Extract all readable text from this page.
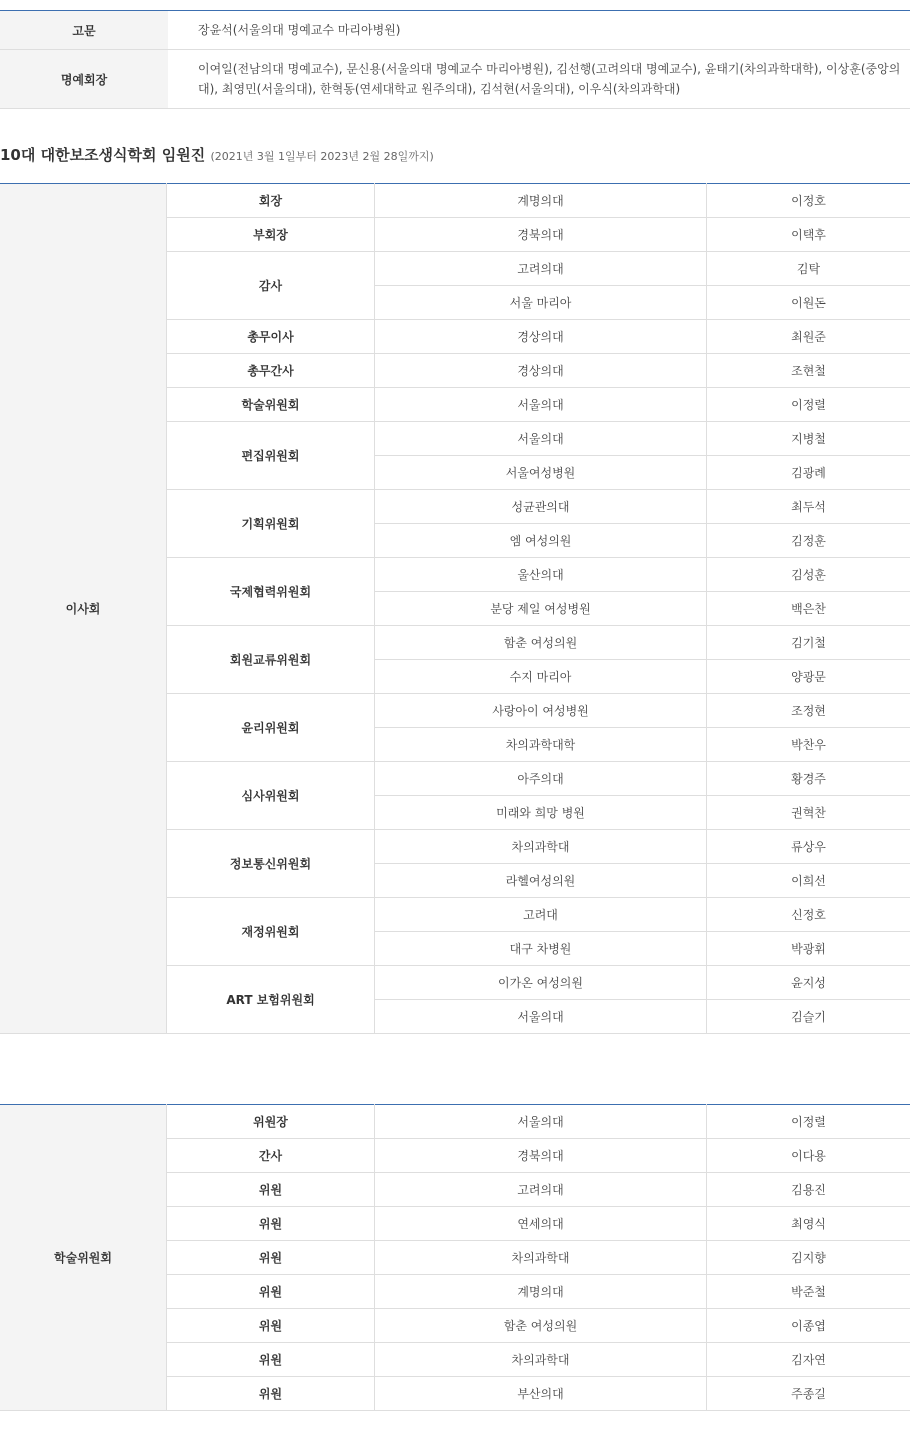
고문	장윤석(서울의대 명예교수 마리아병원)
명예회장	이여일(전남의대 명예교수), 문신용(서울의대 명예교수 마리아병원), 김선행(고려의대 명예교수), 윤태기(차의과학대학), 이상훈(중앙의대), 최영민(서울의대), 한혁동(연세대학교 원주의대), 김석현(서울의대), 이우식(차의과학대)
10대 대한보조생식학회 임원진 (2021년 3월 1일부터 2023년 2월 28일까지)
이사회	회장	계명의대	이정호
	부회장	경북의대	이택후
	감사	고려의대	김탁
		서울 마리아	이원돈
	총무이사	경상의대	최원준
	총무간사	경상의대	조현철
	학술위원회	서울의대	이정렬
	편집위원회	서울의대	지병철
		서울여성병원	김광례
	기획위원회	성균관의대	최두석
		엠 여성의원	김정훈
	국제협력위원회	울산의대	김성훈
		분당 제일 여성병원	백은찬
	회원교류위원회	함춘 여성의원	김기철
		수지 마리아	양광문
	윤리위원회	사랑아이 여성병원	조정현
		차의과학대학	박찬우
	심사위원회	아주의대	황경주
		미래와 희망 병원	권혁찬
	정보통신위원회	차의과학대	류상우
		라헬여성의원	이희선
	재정위원회	고려대	신정호
		대구 차병원	박광휘
	ART 보험위원회	이가온 여성의원	윤지성
		서울의대	김슬기
학술위원회	위원장	서울의대	이정렬
	간사	경북의대	이다용
	위원	고려의대	김용진
	위원	연세의대	최영식
	위원	차의과학대	김지향
	위원	계명의대	박준철
	위원	함춘 여성의원	이종엽
	위원	차의과학대	김자연
	위원	부산의대	주종길
